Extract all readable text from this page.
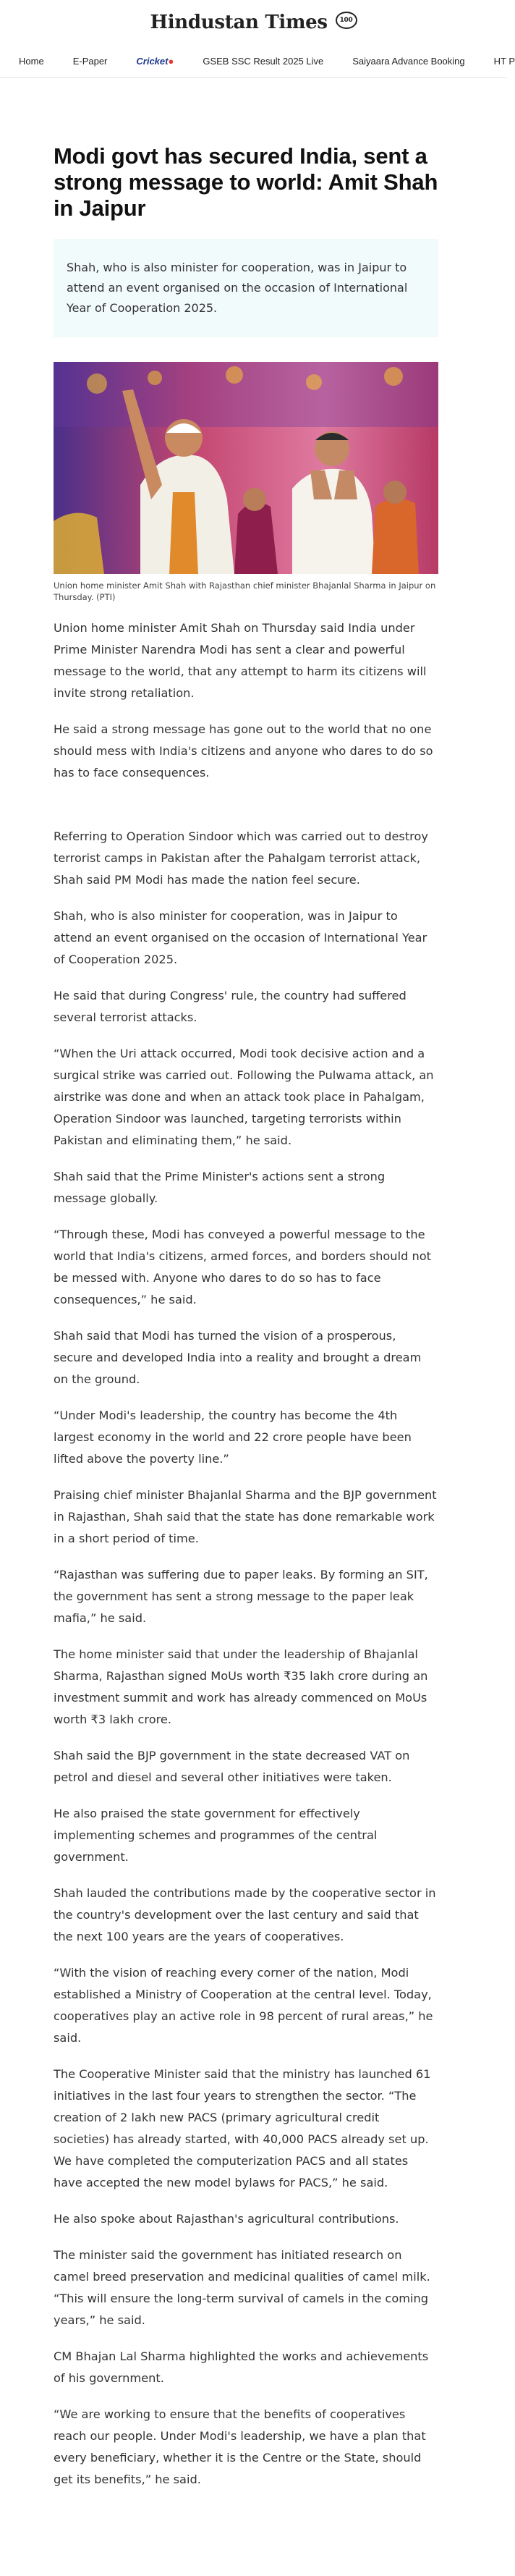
Hindustan Times 100
Home	E-Paper	Cricket●	GSEB SSC Result 2025 Live	Saiyaara Advance Booking	HT P
Modi govt has secured India, sent a strong message to world: Amit Shah in Jaipur

Shah, who is also minister for cooperation, was in Jaipur to attend an event organised on the occasion of International Year of Cooperation 2025.

Union home minister Amit Shah with Rajasthan chief minister Bhajanlal Sharma in Jaipur on Thursday. (PTI)

Union home minister Amit Shah on Thursday said India under Prime Minister Narendra Modi has sent a clear and powerful message to the world, that any attempt to harm its citizens will invite strong retaliation.

He said a strong message has gone out to the world that no one should mess with India's citizens and anyone who dares to do so has to face consequences.

Referring to Operation Sindoor which was carried out to destroy terrorist camps in Pakistan after the Pahalgam terrorist attack, Shah said PM Modi has made the nation feel secure.

Shah, who is also minister for cooperation, was in Jaipur to attend an event organised on the occasion of International Year of Cooperation 2025.

He said that during Congress' rule, the country had suffered several terrorist attacks.

“When the Uri attack occurred, Modi took decisive action and a surgical strike was carried out. Following the Pulwama attack, an airstrike was done and when an attack took place in Pahalgam, Operation Sindoor was launched, targeting terrorists within Pakistan and eliminating them,” he said.

Shah said that the Prime Minister's actions sent a strong message globally.

“Through these, Modi has conveyed a powerful message to the world that India's citizens, armed forces, and borders should not be messed with. Anyone who dares to do so has to face consequences,” he said.

Shah said that Modi has turned the vision of a prosperous, secure and developed India into a reality and brought a dream on the ground.

“Under Modi's leadership, the country has become the 4th largest economy in the world and 22 crore people have been lifted above the poverty line.”

Praising chief minister Bhajanlal Sharma and the BJP government in Rajasthan, Shah said that the state has done remarkable work in a short period of time.

“Rajasthan was suffering due to paper leaks. By forming an SIT, the government has sent a strong message to the paper leak mafia,” he said.

The home minister said that under the leadership of Bhajanlal Sharma, Rajasthan signed MoUs worth ₹35 lakh crore during an investment summit and work has already commenced on MoUs worth ₹3 lakh crore.

Shah said the BJP government in the state decreased VAT on petrol and diesel and several other initiatives were taken.

He also praised the state government for effectively implementing schemes and programmes of the central government.

Shah lauded the contributions made by the cooperative sector in the country's development over the last century and said that the next 100 years are the years of cooperatives.

“With the vision of reaching every corner of the nation, Modi established a Ministry of Cooperation at the central level. Today, cooperatives play an active role in 98 percent of rural areas,” he said.

The Cooperative Minister said that the ministry has launched 61 initiatives in the last four years to strengthen the sector. “The creation of 2 lakh new PACS (primary agricultural credit societies) has already started, with 40,000 PACS already set up. We have completed the computerization PACS and all states have accepted the new model bylaws for PACS,” he said.

He also spoke about Rajasthan's agricultural contributions.

The minister said the government has initiated research on camel breed preservation and medicinal qualities of camel milk. “This will ensure the long-term survival of camels in the coming years,” he said.

CM Bhajan Lal Sharma highlighted the works and achievements of his government.

“We are working to ensure that the benefits of cooperatives reach our people. Under Modi's leadership, we have a plan that every beneficiary, whether it is the Centre or the State, should get its benefits,” he said.
